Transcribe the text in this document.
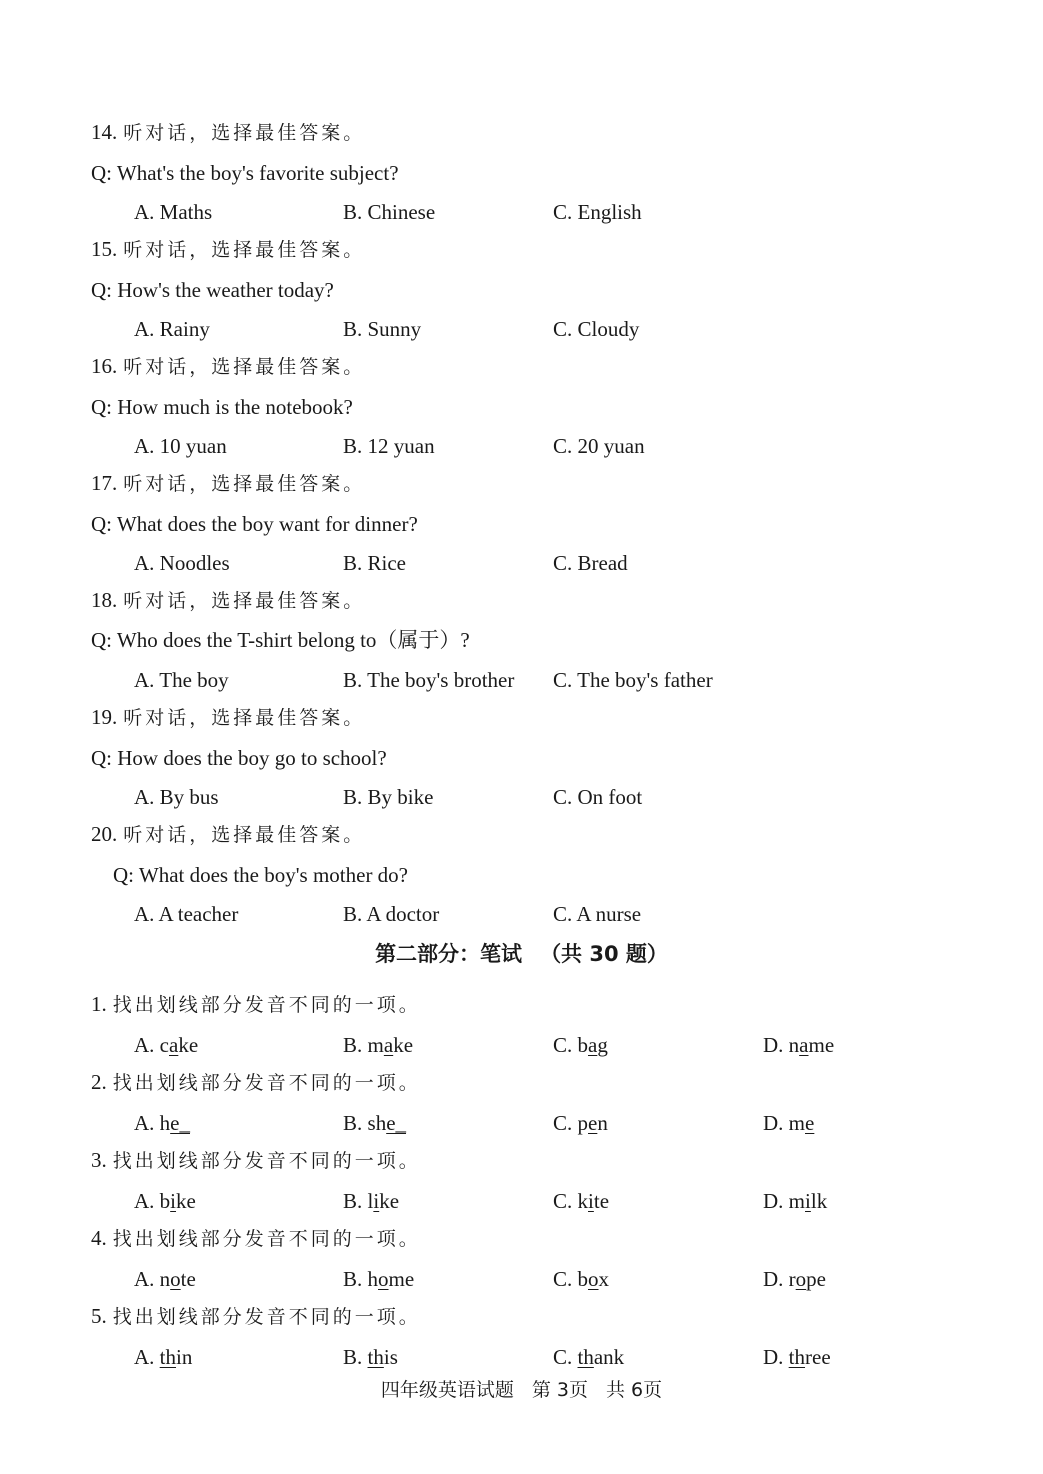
14. 听对话，选择最佳答案。
Q: What's the boy's favorite subject?
A. Maths	B. Chinese	C. English
15. 听对话，选择最佳答案。
Q: How's the weather today?
A. Rainy	B. Sunny	C. Cloudy
16. 听对话，选择最佳答案。
Q: How much is the notebook?
A. 10 yuan	B. 12 yuan	C. 20 yuan
17. 听对话，选择最佳答案。
Q: What does the boy want for dinner?
A. Noodles	B. Rice	C. Bread
18. 听对话，选择最佳答案。
Q: Who does the T-shirt belong to（属于）?
A. The boy	B. The boy's brother C. The boy's father
19. 听对话，选择最佳答案。
Q: How does the boy go to school?
A. By bus	B. By bike	C. On foot
20. 听对话，选择最佳答案。
Q: What does the boy's mother do?
A. A teacher	B. A doctor	C. A nurse
第二部分：笔试 （共 30 题）
1. 找出划线部分发音不同的一项。
A. cake	B. make	C. bag	D. name
2. 找出划线部分发音不同的一项。
A. he_	B. she_	C. pen	D. me
3. 找出划线部分发音不同的一项。
A. bike	B. like	C. kite	D. milk
4. 找出划线部分发音不同的一项。
A. note	B. home	C. box	D. rope
5. 找出划线部分发音不同的一项。
A. thin	B. this	C. thank	D. three
四年级英语试题 第 3页 共 6页
